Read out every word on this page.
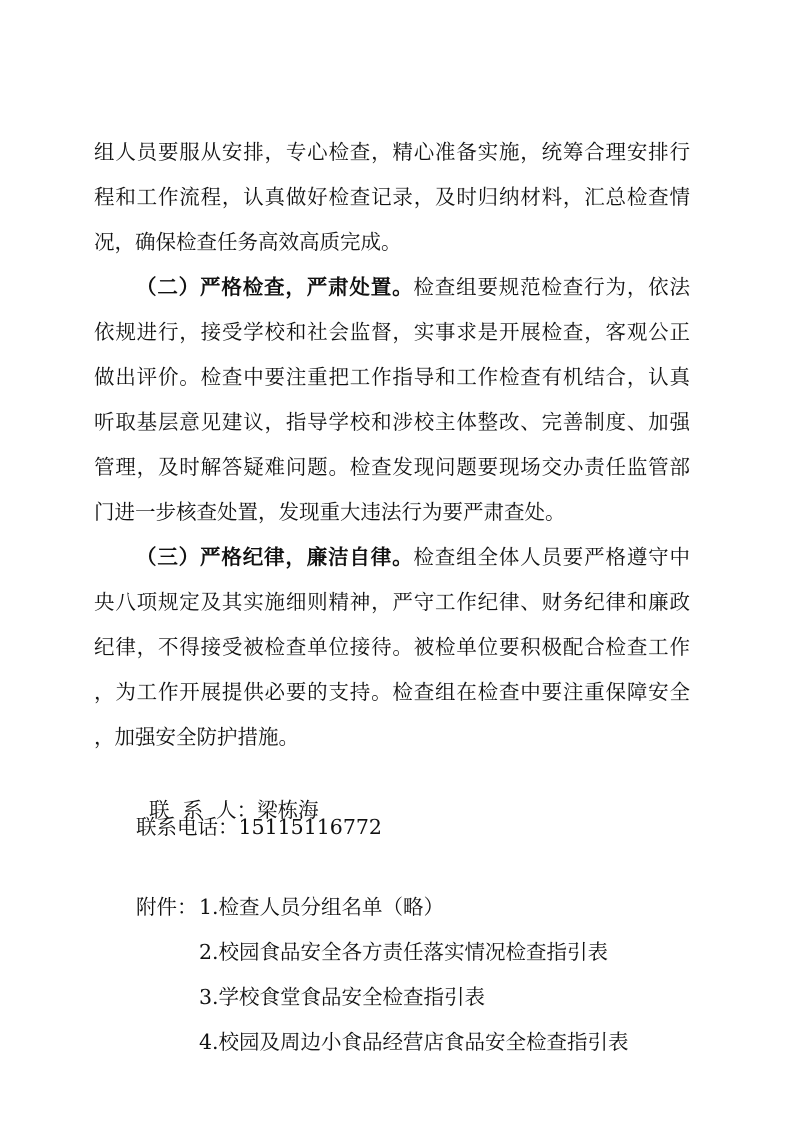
组人员要服从安排，专心检查，精心准备实施，统筹合理安排行
程和工作流程，认真做好检查记录，及时归纳材料，汇总检查情
况，确保检查任务高效高质完成。
（二）严格检查，严肃处置。检查组要规范检查行为，依法
依规进行，接受学校和社会监督，实事求是开展检查，客观公正
做出评价。检查中要注重把工作指导和工作检查有机结合，认真
听取基层意见建议，指导学校和涉校主体整改、完善制度、加强
管理，及时解答疑难问题。检查发现问题要现场交办责任监管部
门进一步核查处置，发现重大违法行为要严肃查处。
（三）严格纪律，廉洁自律。检查组全体人员要严格遵守中
央八项规定及其实施细则精神，严守工作纪律、财务纪律和廉政
纪律，不得接受被检查单位接待。被检单位要积极配合检查工作
，为工作开展提供必要的支持。检查组在检查中要注重保障安全
，加强安全防护措施。

联  系  人：梁栋海

联系电话：15115116772
附件： 1.检查人员分组名单（略）
2.校园食品安全各方责任落实情况检查指引表
3.学校食堂食品安全检查指引表
4.校园及周边小食品经营店食品安全检查指引表
